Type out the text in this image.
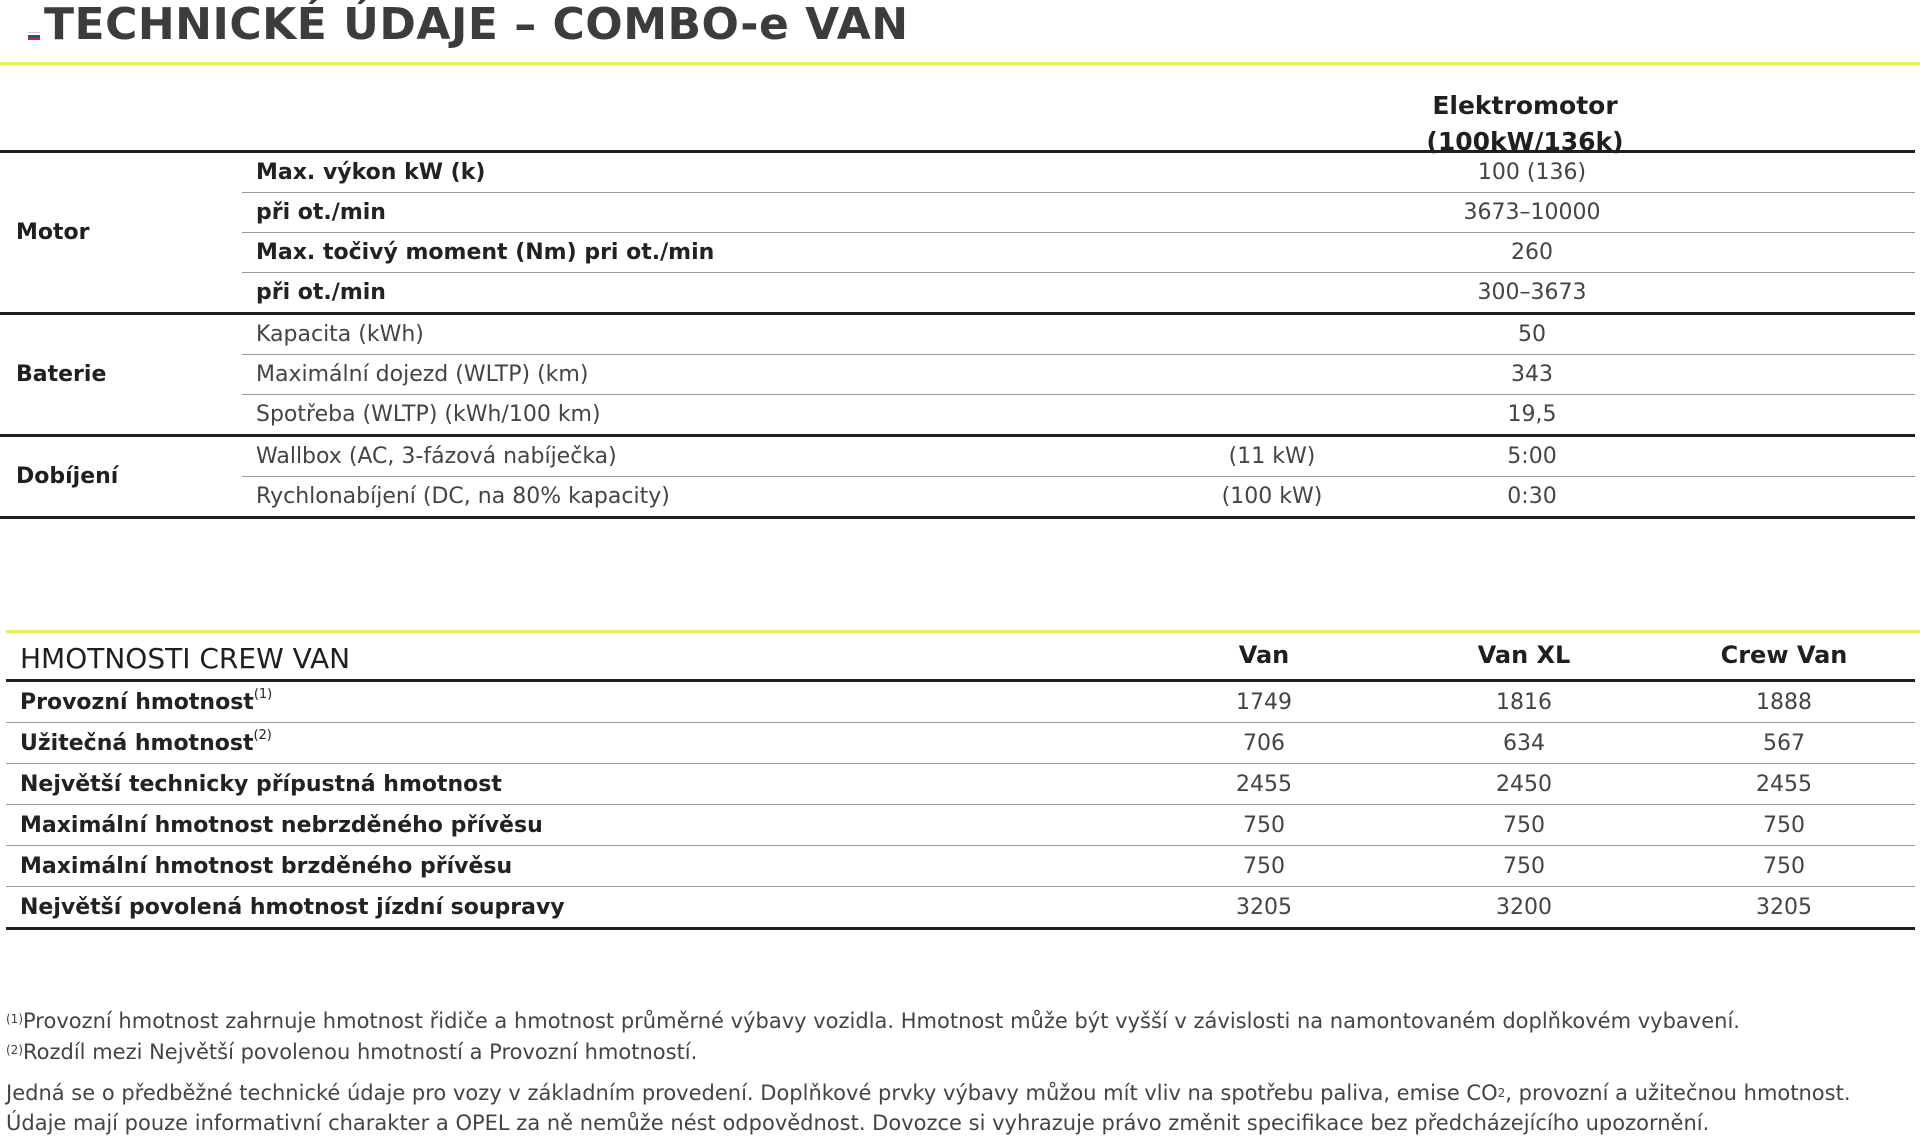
TECHNICKÉ ÚDAJE – COMBO-e VAN
Elektromotor
(100kW/136k)
Motor
Max. výkon kW (k)	100 (136)
při ot./min	3673–10000
Max. točivý moment (Nm) pri ot./min	260
při ot./min	300–3673
Baterie
Kapacita (kWh)	50
Maximální dojezd (WLTP) (km)	343
Spotřeba (WLTP) (kWh/100 km)	19,5
Dobíjení
Wallbox (AC, 3-fázová nabíječka)	(11 kW)	5:00
Rychlonabíjení (DC, na 80% kapacity)	(100 kW)	0:30
HMOTNOSTI CREW VAN	Van	Van XL	Crew Van
Provozní hmotnost$^{(1)}$	1749	1816	1888
Užitečná hmotnost$^{(2)}$	706	634	567
Největší technicky přípustná hmotnost	2455	2450	2455
Maximální hmotnost nebrzděného přívěsu	750	750	750
Maximální hmotnost brzděného přívěsu	750	750	750
Největší povolená hmotnost jízdní soupravy	3205	3200	3205
$^{(1)}$Provozní hmotnost zahrnuje hmotnost řidiče a hmotnost průměrné výbavy vozidla. Hmotnost může být vyšší v závislosti na namontovaném doplňkovém vybavení.
$^{(2)}$Rozdíl mezi Největší povolenou hmotností a Provozní hmotností.
Jedná se o předběžné technické údaje pro vozy v základním provedení. Doplňkové prvky výbavy můžou mít vliv na spotřebu paliva, emise CO2, provozní a užitečnou hmotnost.
Údaje mají pouze informativní charakter a OPEL za ně nemůže nést odpovědnost. Dovozce si vyhrazuje právo změnit specifikace bez předcházejícího upozornění.
